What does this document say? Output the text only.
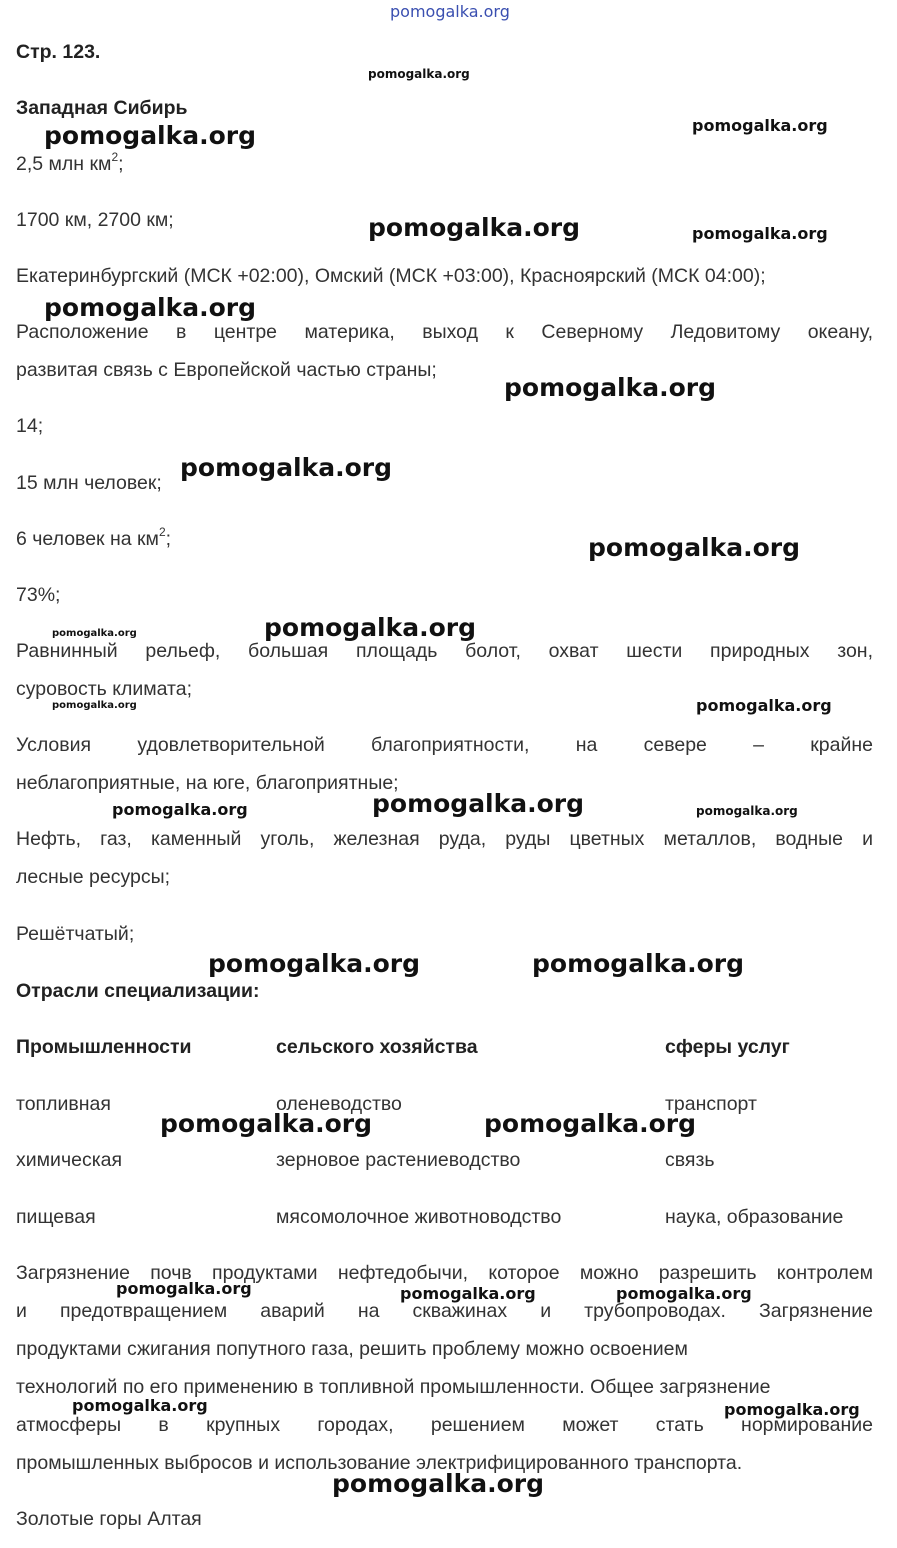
pomogalka.org
Стр. 123.
Западная Сибирь
2,5 млн $км^2$;
1700 км, 2700 км;
Екатеринбургский (МСК +02:00), Омский (МСК +03:00), Красноярский (МСК 04:00);
Расположение в центре материка, выход к Северному Ледовитому океану,
развитая связь с Европейской частью страны;
14;
15 млн человек;
6 человек на $км^2$;
73%;
Равнинный рельеф, большая площадь болот, охват шести природных зон,
суровость климата;
Условия удовлетворительной благоприятности, на севере – крайне
неблагоприятные, на юге, благоприятные;
Нефть, газ, каменный уголь, железная руда, руды цветных металлов, водные и
лесные ресурсы;
Решётчатый;
Отрасли специализации:
Промышленности	сельского хозяйства	сферы услуг
топливная	оленеводство	транспорт
химическая	зерновое растениеводство	связь
пищевая	мясомолочное животноводство	наука, образование
Загрязнение почв продуктами нефтедобычи, которое можно разрешить контролем
и предотвращением аварий на скважинах и трубопроводах. Загрязнение
продуктами сжигания попутного газа, решить проблему можно освоением
технологий по его применению в топливной промышленности. Общее загрязнение
атмосферы в крупных городах, решением может стать нормирование
промышленных выбросов и использование электрифицированного транспорта.
Золотые горы Алтая
pomogalka.org
pomogalka.org	pomogalka.org
pomogalka.org	pomogalka.org
pomogalka.org
pomogalka.org
pomogalka.org
pomogalka.org
pomogalka.org
pomogalka.org
pomogalka.org	pomogalka.org
pomogalka.org
pomogalka.org	pomogalka.org
pomogalka.org	pomogalka.org
pomogalka.org	pomogalka.org
pomogalka.org	pomogalka.org	pomogalka.org
pomogalka.org	pomogalka.org
pomogalka.org
